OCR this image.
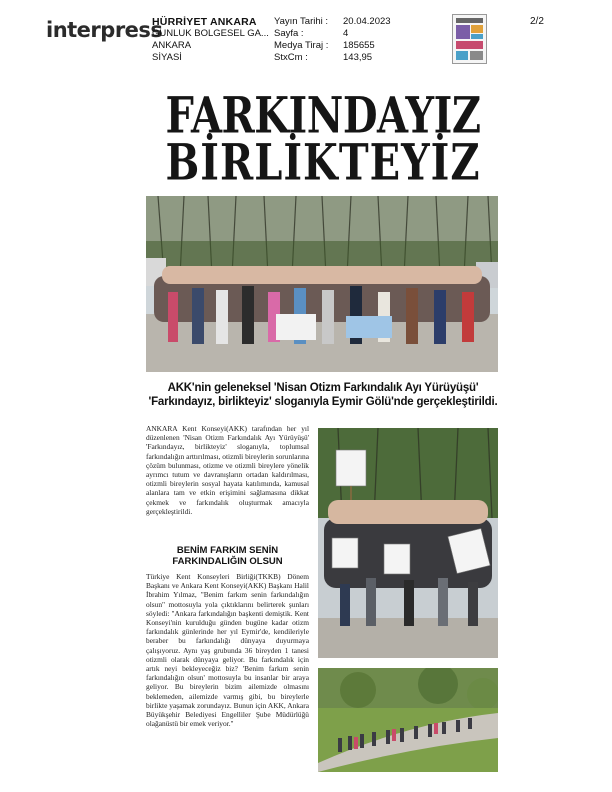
interpress
HÜRRİYET ANKARA
GUNLUK BOLGESEL GA...
ANKARA
SİYASİ
Yayın Tarihi :
Sayfa :
Medya Tiraj :
StxCm :
20.04.2023
4
185655
143,95
2/2
FARKINDAYIZ
BİRLİKTEYİZ
AKK'nin geleneksel 'Nisan Otizm Farkındalık Ayı Yürüyüşü' 'Farkındayız, birlikteyiz' sloganıyla Eymir Gölü'nde gerçekleştirildi.
ANKARA Kent Konseyi(AKK) tarafından her yıl düzenlenen 'Nisan Otizm Farkındalık Ayı Yürüyüşü' 'Farkındayız, birlikteyiz' sloganıyla, toplumsal farkındalığın arttırılması, otizmli bireylerin sorunlarına çözüm bulunması, otizme ve otizmli bireylere yönelik ayrımcı tutum ve davranışların ortadan kaldırılması, otizmli bireylerin sosyal hayata katılımında, kamusal alanlara tam ve etkin erişimini sağlamasına dikkat çekmek ve farkındalık oluşturmak amacıyla gerçekleştirildi.
BENİM FARKIM SENİN FARKINDALIĞIN OLSUN
Türkiye Kent Konseyleri Birliği(TKKB) Dönem Başkanı ve Ankara Kent Konseyi(AKK) Başkanı Halil İbrahim Yılmaz, "Benim farkım senin farkındalığın olsun" mottosuyla yola çıktıklarını belirterek şunları söyledi: "Ankara farkındalığın başkenti demiştik. Kent Konseyi'nin kurulduğu günden bugüne kadar otizm farkındalık günlerinde her yıl Eymir'de, kendileriyle beraber bu farkındalığı dünyaya duyurmaya çalışıyoruz. Aynı yaş grubunda 36 bireyden 1 tanesi otizmli olarak dünyaya geliyor. Bu farkındalık için artık neyi bekleyeceğiz biz? 'Benim farkım senin farkındalığın olsun' mottosuyla bu insanlar bir araya geliyor. Bu bireylerin bizim ailemizde olmasını beklemeden, ailemizde varmış gibi, bu bireylerle birlikte yaşamak zorundayız. Bunun için AKK, Ankara Büyükşehir Belediyesi Engelliler Şube Müdürlüğü olağanüstü bir emek veriyor."
